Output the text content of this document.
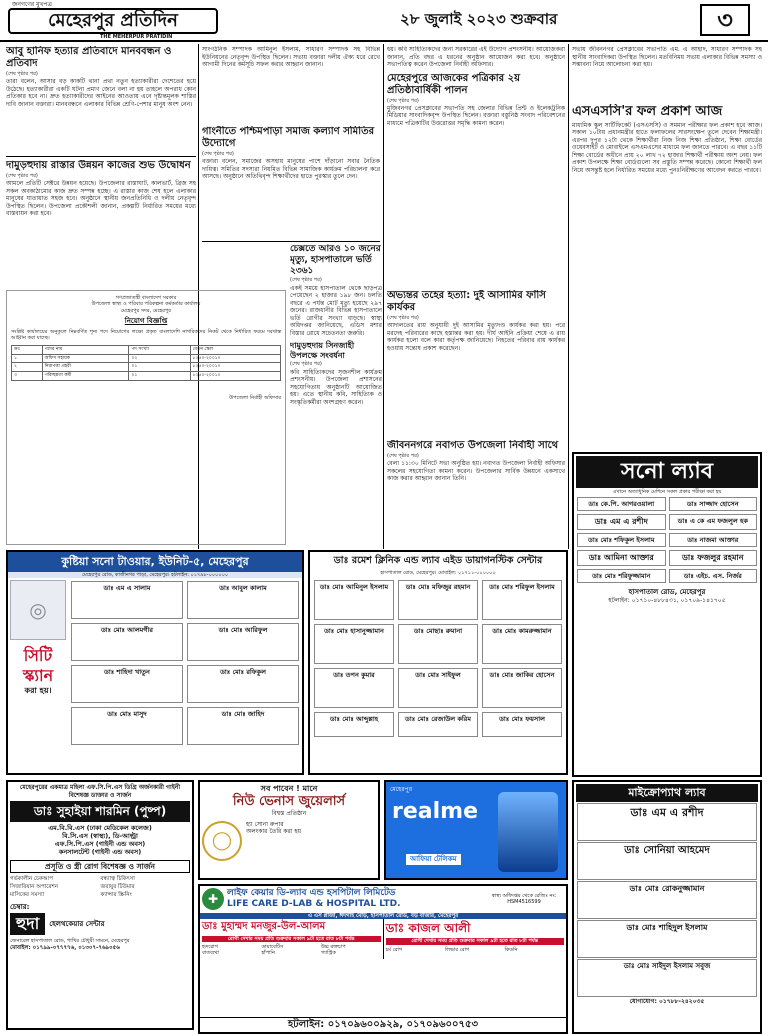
জনগণের মুখপত্র
মেহেরপুর প্রতিদিন
THE MEHERPUR PRATIDIN
২৮ জুলাই ২০২৩ শুক্রবার	৩
আবু হানিফ হত্যার প্রতিবাদে মানববন্ধন ও প্রতিবাদ
(শেষ পৃষ্ঠার পর)
তারা বলেন, আসার বড় কাকটি থানা প্রথা নতুন হত্যাকারীরা দেশেতের হয়ে উঠেছে। হত্যাকারীরা একটি ঘটনা প্রমাণ জেনে বলা না হয় তাহলে অপরাধ কোন প্রতিকার হবে না। দ্রুত হত্যাকারীদের আইনের আওতায় এনে দৃষ্টান্তমূলক শাস্তির দাবি জানান বক্তারা। মানববন্ধনে এলাকার বিভিন্ন শ্রেণি-পেশার মানুষ অংশ নেন।
দামুড়হুদায় রাস্তার উন্নয়ন কাজের শুভ উদ্বোধন
(শেষ পৃষ্ঠার পর)
আমলে প্রতিটি সেক্টরে উন্নয়ন হয়েছে। উপজেলার রাস্তাঘাট, কালভার্ট, ব্রিজ সহ সকল অবকাঠামোর কাজ দ্রুত সম্পন্ন হচ্ছে। এ রাস্তার কাজ শেষ হলে এলাকার মানুষের যাতায়াত সহজ হবে। অনুষ্ঠানে স্থানীয় জনপ্রতিনিধি ও দলীয় নেতৃবৃন্দ উপস্থিত ছিলেন। উপজেলা প্রকৌশলী জানান, প্রকল্পটি নির্ধারিত সময়ের মধ্যে বাস্তবায়ন করা হবে।
সাংগঠনিক সম্পাদক আমিনুল ইসলাম, সাধারণ সম্পাদক সহ বিভিন্ন ইউনিয়নের নেতৃবৃন্দ উপস্থিত ছিলেন। সভায় বক্তারা দলীয় ঐক্য ধরে রেখে আগামী দিনের কর্মসূচি সফল করার আহ্বান জানান।
গাংনীতে পশ্চিমপাড়া সমাজ কল্যাণ সমিতির উদ্যোগে
(শেষ পৃষ্ঠার পর)
বক্তারা বলেন, সমাজের অসহায় মানুষের পাশে দাঁড়ানো সবার নৈতিক দায়িত্ব। সমিতির সদস্যরা নিয়মিত বিভিন্ন সামাজিক কার্যক্রম পরিচালনা করে আসছে। অনুষ্ঠানে অতিথিবৃন্দ শিক্ষার্থীদের হাতে পুরস্কার তুলে দেন।
গণপ্রজাতন্ত্রী বাংলাদেশ সরকার
উপজেলা স্বাস্থ্য ও পরিবার পরিকল্পনা কর্মকর্তার কার্যালয়
মেহেরপুর সদর, মেহেরপুর
নিয়োগ বিজ্ঞপ্তি
সংশ্লিষ্ট কার্যালয়ের অনুকূলে নিম্নবর্ণিত শূন্য পদে নিয়োগের লক্ষ্যে প্রকৃত বাংলাদেশি নাগরিকদের নিকট থেকে নির্ধারিত ফরমে দরখাস্ত আহ্বান করা যাচ্ছে।
ক্রঃ	পদের নাম	পদ সংখ্যা	বেতন স্কেল
১	অফিস সহায়ক	০২	৮২৫০-২০০১০
২	নিরাপত্তা প্রহরী	০১	৮২৫০-২০০১০
৩	পরিচ্ছন্নতা কর্মী	০১	৮২৫০-২০০১০
উপজেলা নির্বাহী অফিসার
চেক্সতে আরও ১০ জনের মৃত্যু, হাসপাতালে ভর্তি ২৩৬১
(শেষ পৃষ্ঠার পর)
একই সময়ে হাসপাতাল থেকে ছাড়পত্র পেয়েছেন ২ হাজার ১৯৮ জন। চলতি বছরে এ পর্যন্ত মোট মৃত্যু হয়েছে ২৯৭ জনের। রাজধানীর বিভিন্ন হাসপাতালে ভর্তি রোগীর সংখ্যা বাড়ছে। স্বাস্থ্য অধিদপ্তর জানিয়েছে, এডিস মশার বিস্তার রোধে সচেতনতা জরুরি।
দামুড়হুদায় সিনজাহী উপলক্ষে সংবর্ধনা
(শেষ পৃষ্ঠার পর)
কবি সাহিত্যিকদের সৃজনশীল কার্যক্রম প্রশংসনীয়। উপজেলা প্রশাসনের সহযোগিতায় অনুষ্ঠানটি আয়োজিত হয়। এতে স্থানীয় কবি, সাহিত্যিক ও সংস্কৃতিকর্মীরা অংশগ্রহণ করেন।
হয়। কবি সাহিত্যিকদের জন্য সরকারের এই উদ্যোগ প্রশংসনীয়। আয়োজকরা জানান, প্রতি বছর এ ধরনের অনুষ্ঠান আয়োজন করা হবে। অনুষ্ঠানে সভাপতিত্ব করেন উপজেলা নির্বাহী অফিসার।
মেহেরপুরে আজকের পত্রিকার ২য় প্রতিষ্ঠাবার্ষিকী পালন
(শেষ পৃষ্ঠার পর)
মুজিবনগর প্রেসক্লাবের সভাপতি সহ জেলার বিভিন্ন প্রিন্ট ও ইলেকট্রনিক মিডিয়ার সাংবাদিকবৃন্দ উপস্থিত ছিলেন। বক্তারা বস্তুনিষ্ঠ সংবাদ পরিবেশনের মাধ্যমে পত্রিকাটির উত্তরোত্তর সমৃদ্ধি কামনা করেন।
অভ্যন্তর তহের হত্যা: দুই আসামির ফাঁসি কার্যকর
(শেষ পৃষ্ঠার পর)
আদালতের রায় অনুযায়ী দুই আসামির মৃত্যুদণ্ড কার্যকর করা হয়। পরে মরদেহ পরিবারের কাছে হস্তান্তর করা হয়। দীর্ঘ আইনি প্রক্রিয়া শেষে এ রায় কার্যকর হলো বলে কারা কর্তৃপক্ষ জানিয়েছে। নিহতের পরিবার রায় কার্যকর হওয়ায় সন্তোষ প্রকাশ করেছেন।
জীবননগরে নবাগত উপজেলা নির্বাহী সাথে
(শেষ পৃষ্ঠার পর)
বেলা ১১:৩০ মিনিটে সভা অনুষ্ঠিত হয়। নবাগত উপজেলা নির্বাহী অফিসার সকলের সহযোগিতা কামনা করেন। উপজেলার সার্বিক উন্নয়নে একসাথে কাজ করার আহ্বান জানান তিনি।
সভায় জীবননগর প্রেসক্লাবের সভাপতি এম. এ আহাদ, সাধারণ সম্পাদক সহ স্থানীয় সাংবাদিকরা উপস্থিত ছিলেন। মতবিনিময় সভায় এলাকার বিভিন্ন সমস্যা ও সম্ভাবনা নিয়ে আলোচনা করা হয়।
এসএসসি'র ফল প্রকাশ আজ
মাধ্যমিক স্কুল সার্টিফিকেট (এসএসসি) ও সমমান পরীক্ষার ফল প্রকাশ হবে আজ। সকাল ১০টায় প্রধানমন্ত্রীর হাতে ফলাফলের সারসংক্ষেপ তুলে দেবেন শিক্ষামন্ত্রী। এরপর দুপুর ১২টা থেকে শিক্ষার্থীরা নিজ নিজ শিক্ষা প্রতিষ্ঠান, শিক্ষা বোর্ডের ওয়েবসাইট ও মোবাইলে এসএমএসের মাধ্যমে ফল জানতে পারবে। এ বছর ১১টি শিক্ষা বোর্ডের অধীনে প্রায় ২০ লাখ ৭২ হাজার শিক্ষার্থী পরীক্ষায় অংশ নেয়। ফল প্রকাশ উপলক্ষে শিক্ষা বোর্ডগুলো সব প্রস্তুতি সম্পন্ন করেছে। কোনো শিক্ষার্থী ফল নিয়ে অসন্তুষ্ট হলে নির্ধারিত সময়ের মধ্যে পুনঃনিরীক্ষণের আবেদন করতে পারবে।
সনো ল্যাব
এখানে অত্যাধুনিক মেশিনে সকল প্রকার পরীক্ষা করা হয়
ডাঃ কে.পি. আগরওয়ালা	ডাঃ সাজ্জাদ হোসেন
ডাঃ এম এ রশীদ	ডাঃ এ কে এম ফজলুল হক
ডাঃ মোঃ শফিকুল ইসলাম	ডাঃ নাজমা আক্তার
ডাঃ আমিনা আক্তার	ডাঃ ফজলুর রহমান
ডাঃ মোঃ শরিফুজ্জামান	ডাঃ এইচ. এস. নির্জর
হাসপাতাল রোড, মেহেরপুর
হটলাইন: ০১৭১০-৪৮৮৪৩১, ০১৭০৯-১৪১৭০৫
কুষ্টিয়া সনো টাওয়ার, ইউনিট-৫, মেহেরপুর
মেহেরপুর রোড, কাজীনগর পাড়া, মেহেরপুর। হটলাইন: ০১৭৯৮-০০০০০০
◎
সিটি স্ক্যান
করা হয়।
ডাঃ এম এ সালাম	ডাঃ আবুল কালাম
ডাঃ মোঃ আলমগীর	ডাঃ মোঃ আরিফুল
ডাঃ শাহিদা খাতুন	ডাঃ মোঃ রফিকুল
ডাঃ মোঃ মাসুদ	ডাঃ মোঃ জাহিদ
ডাঃ রমেশ ক্লিনিক এন্ড ল্যাব এইড ডায়াগনস্টিক সেন্টার
হাসপাতাল রোড, মেহেরপুর। মোবাইল: ০১৭১১-০০০০০০
ডাঃ মোঃ আমিনুল ইসলাম	ডাঃ মোঃ মফিজুর রহমান	ডাঃ মোঃ শরিফুল ইসলাম
ডাঃ মোঃ হাসানুজ্জামান	ডাঃ মোছাঃ রুমানা	ডাঃ মোঃ কামরুজ্জামান
ডাঃ তপন কুমার	ডাঃ মোঃ সাইফুল	ডাঃ মোঃ জাকির হোসেন
ডাঃ মোঃ আব্দুল্লাহ	ডাঃ মোঃ রেজাউল করিম	ডাঃ মোঃ ফয়সাল
মেহেরপুরের একমাত্র মহিলা এফ.সি.পি.এস ডিগ্রি অর্জনকারী গাইনী বিশেষজ্ঞ ডাক্তার ও সার্জন
ডাঃ সুহাইয়া শারমিন (পুষ্প)
এম.বি.বি.এস (ঢাকা মেডিকেল কলেজ)
বি.সি.এস (স্বাস্থ্য), ডি-আল্ট্রা
এফ.সি.পি.এস (গাইনী এন্ড অবস)
কনসালটেন্ট (গাইনী এন্ড অবস)
প্রসূতি ও স্ত্রী রোগ বিশেষজ্ঞ ও সার্জন
গর্ভকালীন চেকআপ	বন্ধ্যাত্ব চিকিৎসা
সিজারিয়ান অপারেশন	জরায়ুর টিউমার
মাসিকের সমস্যা	ক্যান্সার স্ক্রিনিং
চেম্বার:
হুদা	হেলথকেয়ার সেন্টার
জেনারেল হাসপাতাল রোড, পাখির চৌধুরী সামনে, মেহেরপুর
মোবাইল: ০১৭৯৯-০৭৭৭৭৬, ০১৩০৭-৭৬৯০৫৬
সব পাবেন ! মানে
নিউ ভেনাস জুয়েলার্স
বিশ্বস্ত প্রতিষ্ঠান
◯
হ্যা সোনা রুপার
অলংকার তৈরি করা হয়
মেহেরপুর
realme
আফিয়া টেলিকম
✚ লাইফ কেয়ার ডি-ল্যাব এন্ড হসপিটাল লিমিটেড
LIFE CARE D-LAB & HOSPITAL LTD.
স্বাস্থ্য অধিদপ্তর থেকে রেজিঃ নং: HSM4516599
এ এস প্লাজা, ঈদগাহ মোড়, হাসপাতাল রোড, বড় বাজার, মেহেরপুর
ডাঃ মুহাম্মদ মনজুর-উল-আলম
রোগী দেখার সময় প্রতি শুক্রবার সকাল ৯টা হতে রাত ৮টা পর্যন্ত
হৃদরোগ	ডায়াবেটিস	উচ্চ রক্তচাপ
বাতব্যথা	হাঁপানি	গ্যাস্ট্রিক
ডাঃ কাজল আলী
রোগী দেখার সময় প্রতি শুক্রবার সকাল ৯টা হতে রাত ৮টা পর্যন্ত
চর্ম রোগ	লিভার রোগ	কিডনি
হটলাইন: ০১৭০৯৬০০৯২৯, ০১৭০৯৬০০৭৫৩
মাইক্রোপ্যাথ ল্যাব
ডাঃ এম এ রশীদ
ডাঃ সোনিয়া আহমেদ
ডাঃ মোঃ রোকনুজ্জামান
ডাঃ মোঃ শাহিদুল ইসলাম
ডাঃ মোঃ সাইদুল ইসলাম সবুজ
যোগাযোগ: ০১৭৮৮-২৪২০৩৫
